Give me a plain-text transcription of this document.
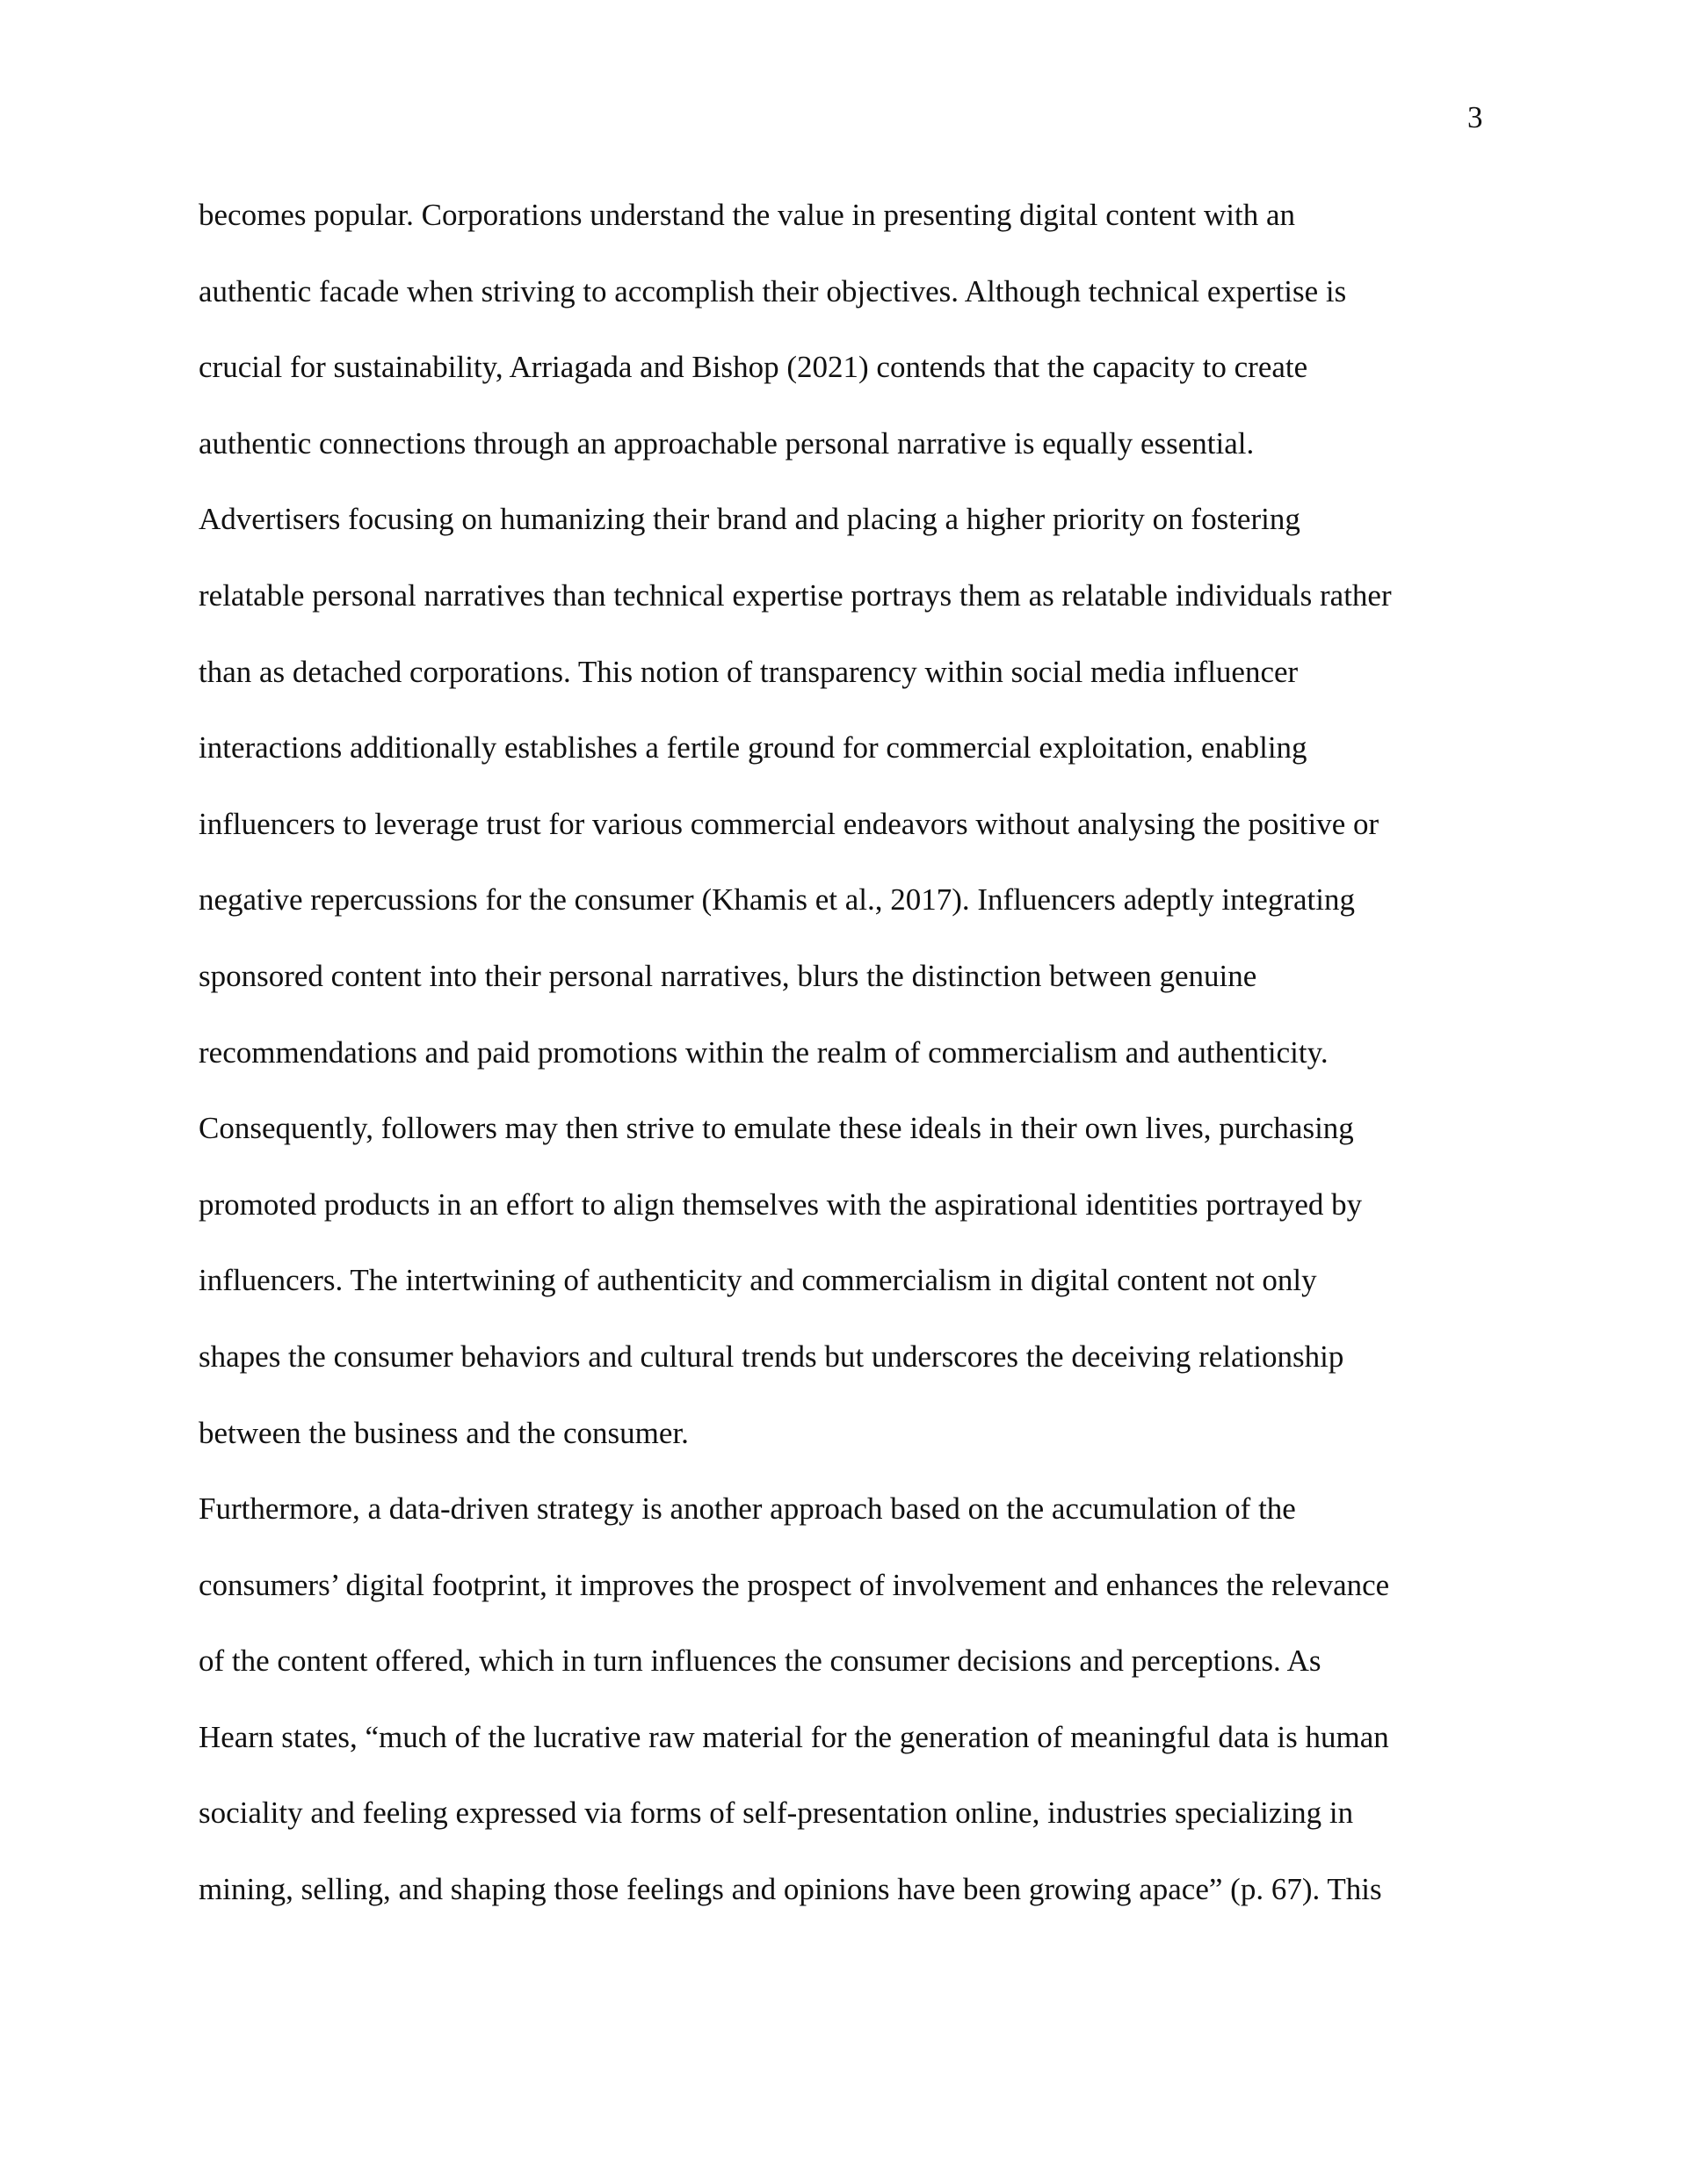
3
becomes popular. Corporations understand the value in presenting digital content with an
authentic facade when striving to accomplish their objectives. Although technical expertise is
crucial for sustainability, Arriagada and Bishop (2021) contends that the capacity to create
authentic connections through an approachable personal narrative is equally essential.
Advertisers focusing on humanizing their brand and placing a higher priority on fostering
relatable personal narratives than technical expertise portrays them as relatable individuals rather
than as detached corporations. This notion of transparency within social media influencer
interactions additionally establishes a fertile ground for commercial exploitation, enabling
influencers to leverage trust for various commercial endeavors without analysing the positive or
negative repercussions for the consumer (Khamis et al., 2017). Influencers adeptly integrating
sponsored content into their personal narratives, blurs the distinction between genuine
recommendations and paid promotions within the realm of commercialism and authenticity.
Consequently, followers may then strive to emulate these ideals in their own lives, purchasing
promoted products in an effort to align themselves with the aspirational identities portrayed by
influencers. The intertwining of authenticity and commercialism in digital content not only
shapes the consumer behaviors and cultural trends but underscores the deceiving relationship
between the business and the consumer.
Furthermore, a data-driven strategy is another approach based on the accumulation of the
consumers’ digital footprint, it improves the prospect of involvement and enhances the relevance
of the content offered, which in turn influences the consumer decisions and perceptions. As
Hearn states, “much of the lucrative raw material for the generation of meaningful data is human
sociality and feeling expressed via forms of self-presentation online, industries specializing in
mining, selling, and shaping those feelings and opinions have been growing apace” (p. 67). This
